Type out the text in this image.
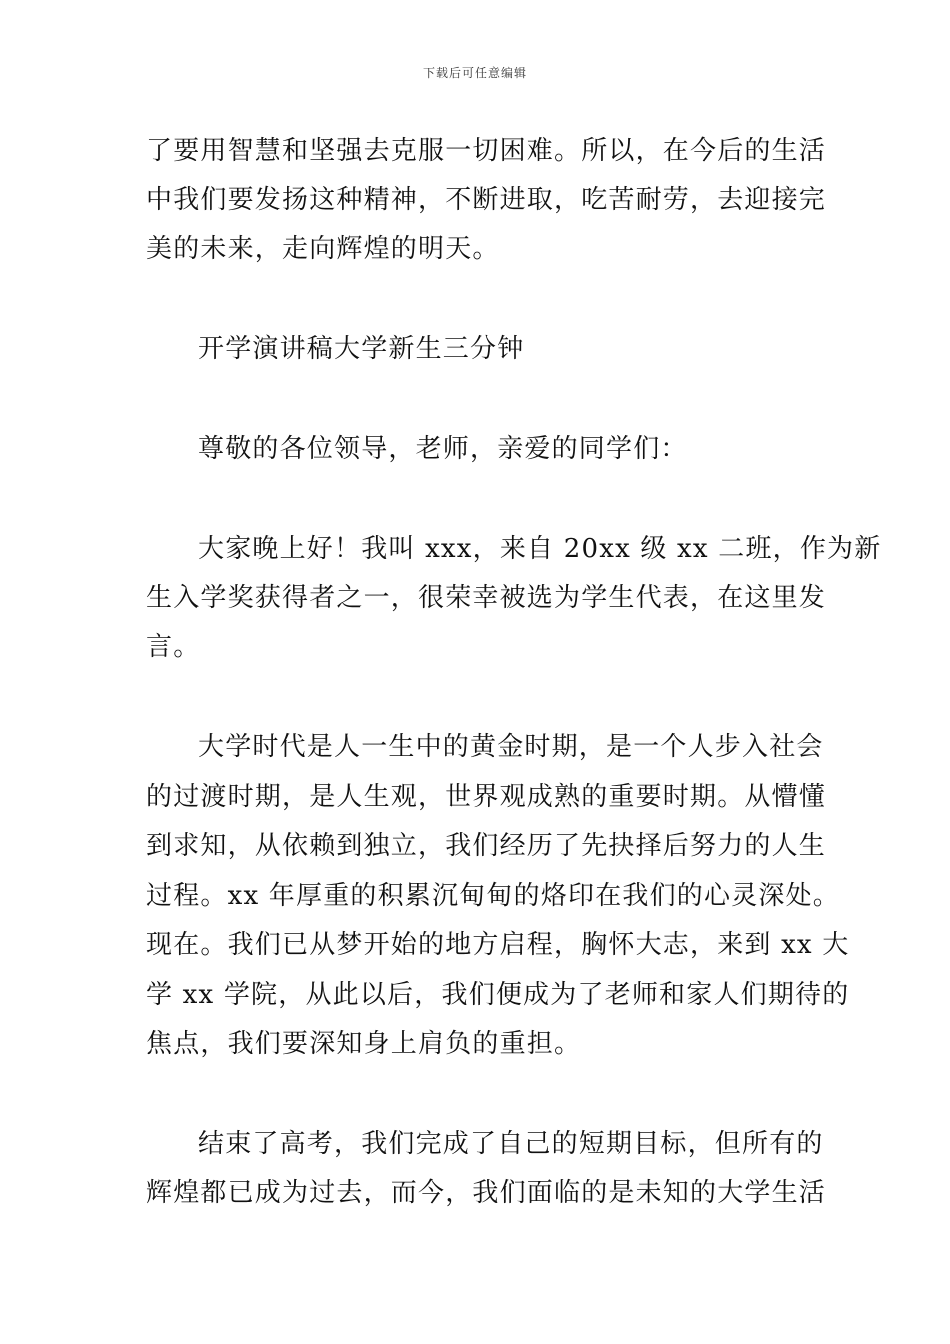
下载后可任意编辑
了要用智慧和坚强去克服一切困难。所以，在今后的生活
中我们要发扬这种精神，不断进取，吃苦耐劳，去迎接完
美的未来，走向辉煌的明天。
开学演讲稿大学新生三分钟
尊敬的各位领导，老师，亲爱的同学们：
大家晚上好！我叫 xxx，来自 20xx 级 xx 二班，作为新
生入学奖获得者之一，很荣幸被选为学生代表，在这里发
言。
大学时代是人一生中的黄金时期，是一个人步入社会
的过渡时期，是人生观，世界观成熟的重要时期。从懵懂
到求知，从依赖到独立，我们经历了先抉择后努力的人生
过程。xx 年厚重的积累沉甸甸的烙印在我们的心灵深处。
现在。我们已从梦开始的地方启程，胸怀大志，来到 xx 大
学 xx 学院，从此以后，我们便成为了老师和家人们期待的
焦点，我们要深知身上肩负的重担。
结束了高考，我们完成了自己的短期目标，但所有的
辉煌都已成为过去，而今，我们面临的是未知的大学生活
